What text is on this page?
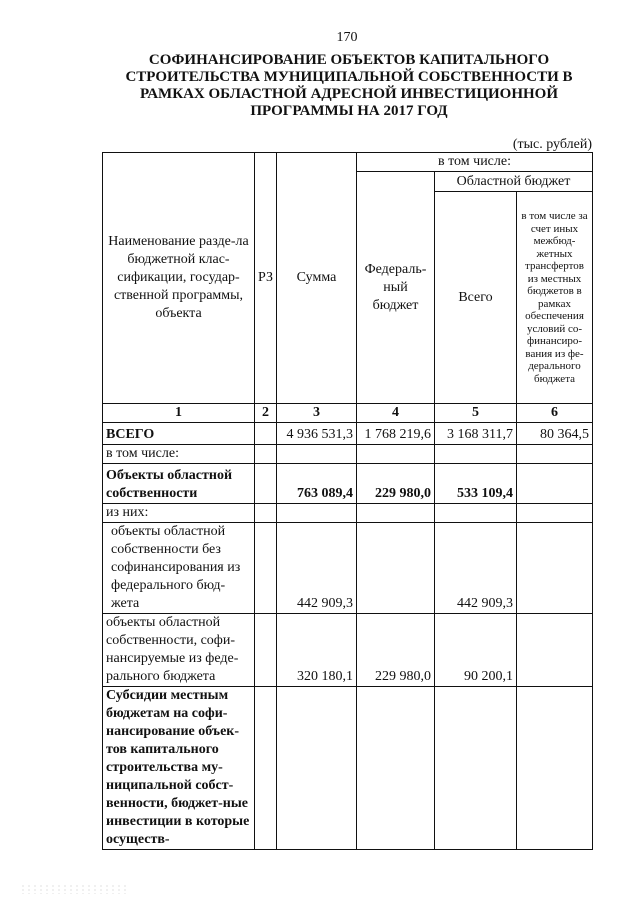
170
СОФИНАНСИРОВАНИЕ ОБЪЕКТОВ КАПИТАЛЬНОГО
СТРОИТЕЛЬСТВА МУНИЦИПАЛЬНОЙ СОБСТВЕННОСТИ В
РАМКАХ ОБЛАСТНОЙ АДРЕСНОЙ ИНВЕСТИЦИОННОЙ
ПРОГРАММЫ НА 2017 ГОД
(тыс. рублей)
Наименование разде-ла бюджетной клас-сификации, государ-ственной программы, объекта	РЗ	Сумма	в том числе:		
			Федераль-ный бюджет	Областной бюджет	
				Всего	в том числе за счет иных межбюд-жетных трансфертов из местных бюджетов в рамках обеспечения условий со-финансиро-вания из фе-дерального бюджета
1	2	3	4	5	6
ВСЕГО		4 936 531,3	1 768 219,6	3 168 311,7	80 364,5
в том числе:					
Объекты областной собственности		763 089,4	229 980,0	533 109,4	
из них:					
объекты областной собственности без софинансирования из федерального бюд-жета		442 909,3		442 909,3	
объекты областной собственности, софи-нансируемые из феде-рального бюджета		320 180,1	229 980,0	90 200,1	
Субсидии местным бюджетам на софи-нансирование объек-тов капитального строительства му-ниципальной собст-венности, бюджет-ные инвестиции в которые осуществ-					
